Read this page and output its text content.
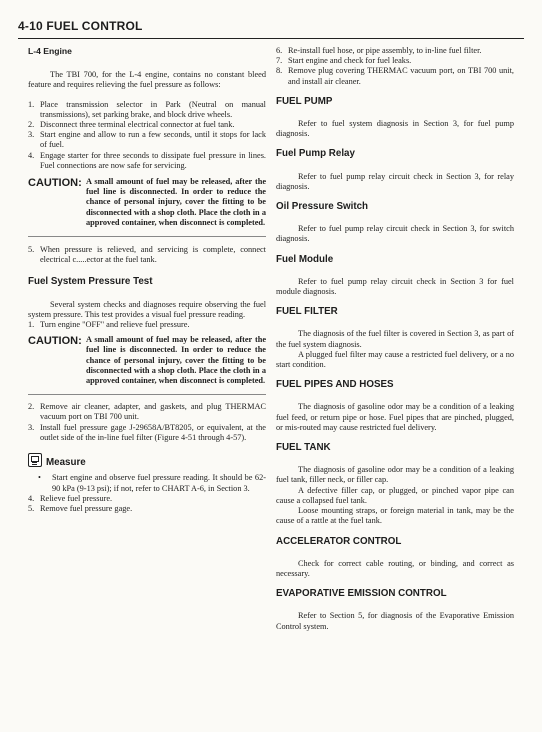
4-10 FUEL CONTROL

L-4 Engine

The TBI 700, for the L-4 engine, contains no constant bleed feature and requires relieving the fuel pressure as follows:

1. Place transmission selector in Park (Neutral on manual transmissions), set parking brake, and block drive wheels.
2. Disconnect three terminal electrical connector at fuel tank.
3. Start engine and allow to run a few seconds, until it stops for lack of fuel.
4. Engage starter for three seconds to dissipate fuel pressure in lines. Fuel connections are now safe for servicing.
CAUTION: A small amount of fuel may be released, after the fuel line is disconnected. In order to reduce the chance of personal injury, cover the fitting to be disconnected with a shop cloth. Place the cloth in a approved container, when disconnect is completed.
5. When pressure is relieved, and servicing is complete, connect electrical c.....ector at the fuel tank.

Fuel System Pressure Test

Several system checks and diagnoses require observing the fuel system pressure. This test provides a visual fuel pressure reading.

1. Turn engine "OFF" and relieve fuel pressure.
CAUTION: A small amount of fuel may be released, after the fuel line is disconnected. In order to reduce the chance of personal injury, cover the fitting to be disconnected with a shop cloth. Place the cloth in a approved container, when disconnect is completed.
2. Remove air cleaner, adapter, and gaskets, and plug THERMAC vacuum port on TBI 700 unit.
3. Install fuel pressure gage J-29658A/BT8205, or equivalent, at the outlet side of the in-line fuel filter (Figure 4-51 through 4-57).

Measure

• Start engine and observe fuel pressure reading. It should be 62-90 kPa (9-13 psi); if not, refer to CHART A-6, in Section 3.
4. Relieve fuel pressure.
5. Remove fuel pressure gage.
6. Re-install fuel hose, or pipe assembly, to in-line fuel filter.
7. Start engine and check for fuel leaks.
8. Remove plug covering THERMAC vacuum port, on TBI 700 unit, and install air cleaner.

FUEL PUMP

Refer to fuel system diagnosis in Section 3, for fuel pump diagnosis.

Fuel Pump Relay

Refer to fuel pump relay circuit check in Section 3, for relay diagnosis.

Oil Pressure Switch

Refer to fuel pump relay circuit check in Section 3, for switch diagnosis.

Fuel Module

Refer to fuel pump relay circuit check in Section 3 for fuel module diagnosis.

FUEL FILTER

The diagnosis of the fuel filter is covered in Section 3, as part of the fuel system diagnosis.

A plugged fuel filter may cause a restricted fuel delivery, or a no start condition.

FUEL PIPES AND HOSES

The diagnosis of gasoline odor may be a condition of a leaking fuel feed, or return pipe or hose. Fuel pipes that are pinched, plugged, or mis-routed may cause restricted fuel delivery.

FUEL TANK

The diagnosis of gasoline odor may be a condition of a leaking fuel tank, filler neck, or filler cap.

A defective filler cap, or plugged, or pinched vapor pipe can cause a collapsed fuel tank.

Loose mounting straps, or foreign material in tank, may be the cause of a rattle at the fuel tank.

ACCELERATOR CONTROL

Check for correct cable routing, or binding, and correct as necessary.

EVAPORATIVE EMISSION CONTROL

Refer to Section 5, for diagnosis of the Evaporative Emission Control system.
